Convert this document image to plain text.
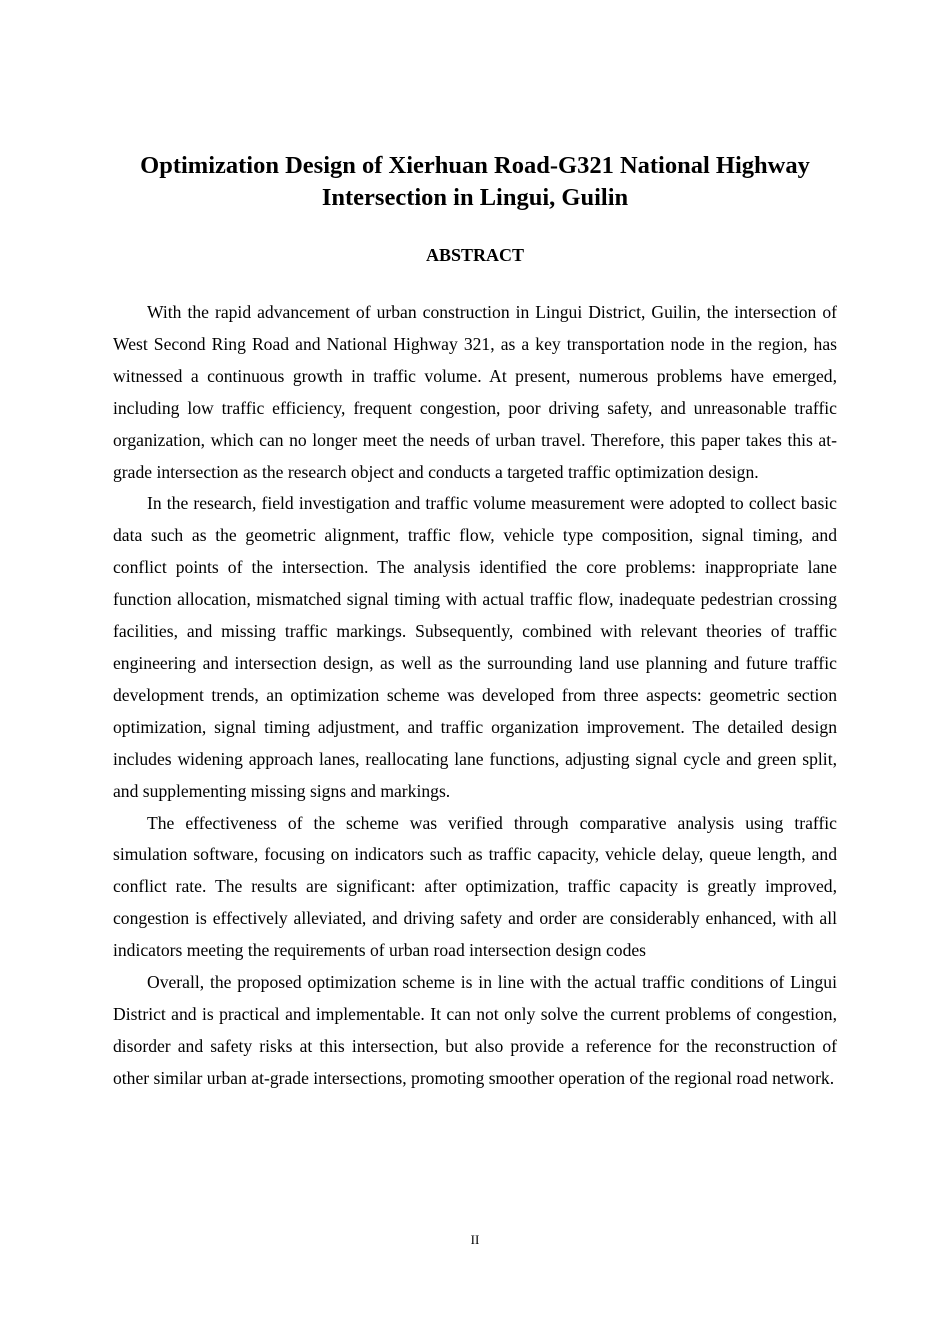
Optimization Design of Xierhuan Road-G321 National Highway Intersection in Lingui, Guilin
ABSTRACT

With the rapid advancement of urban construction in Lingui District, Guilin, the intersection of West Second Ring Road and National Highway 321, as a key transportation node in the region, has witnessed a continuous growth in traffic volume. At present, numerous problems have emerged, including low traffic efficiency, frequent congestion, poor driving safety, and unreasonable traffic organization, which can no longer meet the needs of urban travel. Therefore, this paper takes this at-grade intersection as the research object and conducts a targeted traffic optimization design.

In the research, field investigation and traffic volume measurement were adopted to collect basic data such as the geometric alignment, traffic flow, vehicle type composition, signal timing, and conflict points of the intersection. The analysis identified the core problems: inappropriate lane function allocation, mismatched signal timing with actual traffic flow, inadequate pedestrian crossing facilities, and missing traffic markings. Subsequently, combined with relevant theories of traffic engineering and intersection design, as well as the surrounding land use planning and future traffic development trends, an optimization scheme was developed from three aspects: geometric section optimization, signal timing adjustment, and traffic organization improvement. The detailed design includes widening approach lanes, reallocating lane functions, adjusting signal cycle and green split, and supplementing missing signs and markings.

The effectiveness of the scheme was verified through comparative analysis using traffic simulation software, focusing on indicators such as traffic capacity, vehicle delay, queue length, and conflict rate. The results are significant: after optimization, traffic capacity is greatly improved, congestion is effectively alleviated, and driving safety and order are considerably enhanced, with all indicators meeting the requirements of urban road intersection design codes

Overall, the proposed optimization scheme is in line with the actual traffic conditions of Lingui District and is practical and implementable. It can not only solve the current problems of congestion, disorder and safety risks at this intersection, but also provide a reference for the reconstruction of other similar urban at-grade intersections, promoting smoother operation of the regional road network.

II
